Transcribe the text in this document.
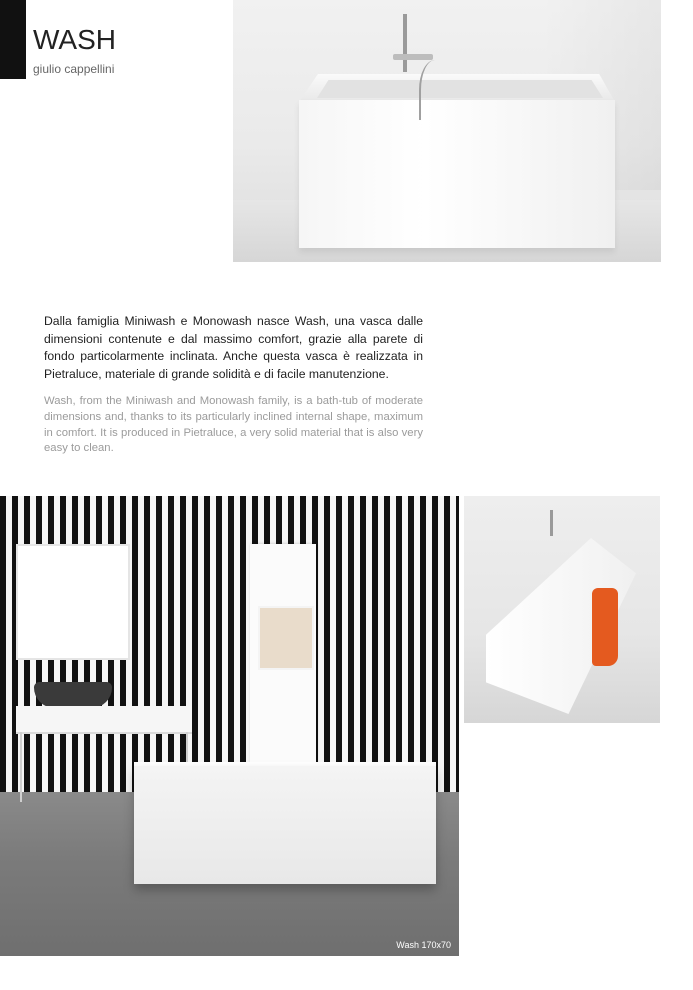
WASH
giulio cappellini

Dalla famiglia Miniwash e Monowash nasce Wash, una vasca dalle dimensioni contenute e dal massimo comfort, grazie alla parete di fondo particolarmente inclinata. Anche questa vasca è realizzata in Pietraluce, materiale di grande solidità e di facile manutenzione.

Wash, from the Miniwash and Monowash family, is a bath-tub of moderate dimensions and, thanks to its particularly inclined internal shape, maximum in comfort. It is produced in Pietraluce, a very solid material that is also very easy to clean.

Wash 170x70
